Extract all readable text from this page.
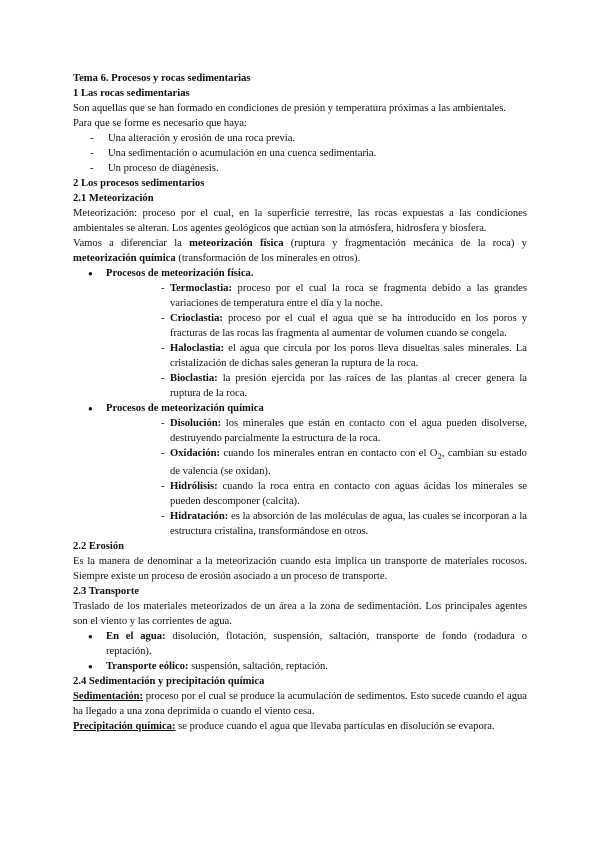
Tema 6. Procesos y rocas sedimentarias

1 Las rocas sedimentarias

Son aquellas que se han formado en condiciones de presión y temperatura próximas a las ambientales.

Para que se forme es necesario que haya:

- Una alteración y erosión de una roca previa.
- Una sedimentación o acumulación en una cuenca sedimentaria.
- Un proceso de diagénesis.

2 Los procesos sedimentarios

2.1 Meteorización

Meteorización: proceso por el cual, en la superficie terrestre, las rocas expuestas a las condiciones ambientales se alteran. Los agentes geológicos que actúan son la atmósfera, hidrosfera y biosfera.

Vamos a diferenciar la meteorización física (ruptura y fragmentación mecánica de la roca) y meteorización química (transformación de los minerales en otros).

● Procesos de meteorización física.
- Termoclastia: proceso por el cual la roca se fragmenta debido a las grandes variaciones de temperatura entre el día y la noche.
- Crioclastia: proceso por el cual el agua que se ha introducido en los poros y fracturas de las rocas las fragmenta al aumentar de volumen cuando se congela.
- Haloclastia: el agua que circula por los poros lleva disueltas sales minerales. La cristalización de dichas sales generan la ruptura de la roca.
- Bioclastia: la presión ejercida por las raíces de las plantas al crecer genera la ruptura de la roca.
● Procesos de meteorización química
- Disolución: los minerales que están en contacto con el agua pueden disolverse, destruyendo parcialmente la estructura de la roca.
- Oxidación: cuando los minerales entran en contacto con el $O_2$, cambian su estado de valencia (se oxidan).
- Hidrólisis: cuando la roca entra en contacto con aguas ácidas los minerales se pueden descomponer (calcita).
- Hidratación: es la absorción de las moléculas de agua, las cuales se incorporan a la estructura cristalina, transformándose en otros.

2.2 Erosión

Es la manera de denominar a la meteorización cuando esta implica un transporte de materiales rocosos. Siempre existe un proceso de erosión asociado a un proceso de transporte.

2.3 Transporte

Traslado de los materiales meteorizados de un área a la zona de sedimentación. Los principales agentes son el viento y las corrientes de agua.

● En el agua: disolución, flotación, suspensión, saltación, transporte de fondo (rodadura o reptación).
● Transporte eólico: suspensión, saltación, reptación.

2.4 Sedimentación y precipitación química

Sedimentación: proceso por el cual se produce la acumulación de sedimentos. Esto sucede cuando el agua ha llegado a una zona deprimida o cuando el viento cesa.

Precipitación química: se produce cuando el agua que llevaba partículas en disolución se evapora.
